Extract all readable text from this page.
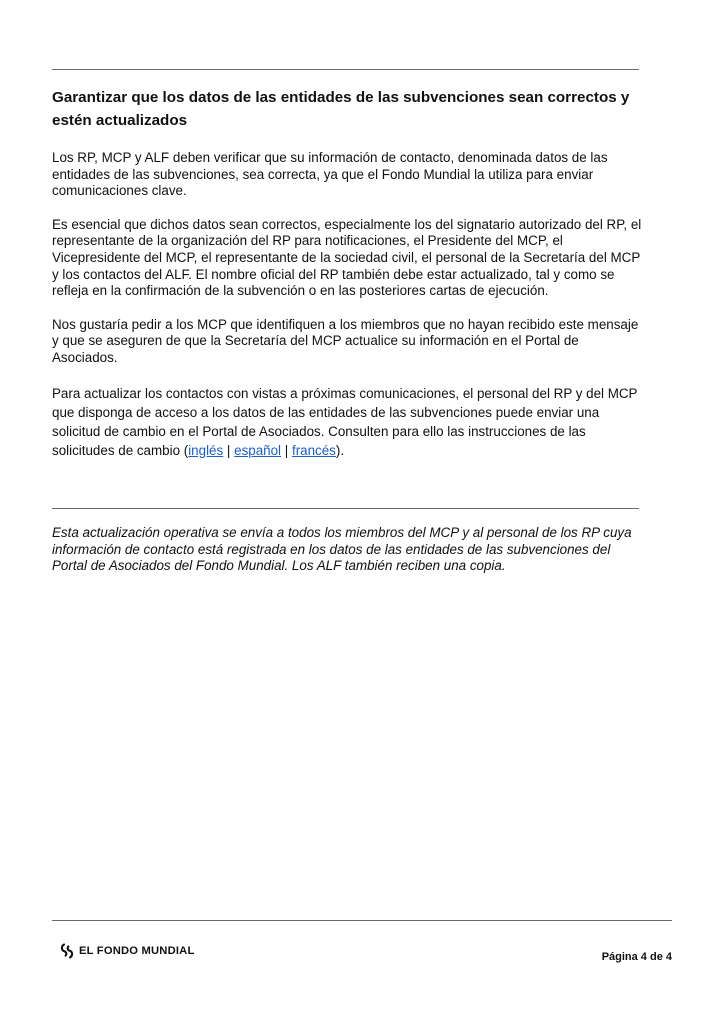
Garantizar que los datos de las entidades de las subvenciones sean correctos y estén actualizados

Los RP, MCP y ALF deben verificar que su información de contacto, denominada datos de las entidades de las subvenciones, sea correcta, ya que el Fondo Mundial la utiliza para enviar comunicaciones clave.

Es esencial que dichos datos sean correctos, especialmente los del signatario autorizado del RP, el representante de la organización del RP para notificaciones, el Presidente del MCP, el Vicepresidente del MCP, el representante de la sociedad civil, el personal de la Secretaría del MCP y los contactos del ALF. El nombre oficial del RP también debe estar actualizado, tal y como se refleja en la confirmación de la subvención o en las posteriores cartas de ejecución.

Nos gustaría pedir a los MCP que identifiquen a los miembros que no hayan recibido este mensaje y que se aseguren de que la Secretaría del MCP actualice su información en el Portal de Asociados.

Para actualizar los contactos con vistas a próximas comunicaciones, el personal del RP y del MCP que disponga de acceso a los datos de las entidades de las subvenciones puede enviar una solicitud de cambio en el Portal de Asociados. Consulten para ello las instrucciones de las solicitudes de cambio (inglés | español | francés).

Esta actualización operativa se envía a todos los miembros del MCP y al personal de los RP cuya información de contacto está registrada en los datos de las entidades de las subvenciones del Portal de Asociados del Fondo Mundial. Los ALF también reciben una copia.

EL FONDO MUNDIAL	Página 4 de 4
